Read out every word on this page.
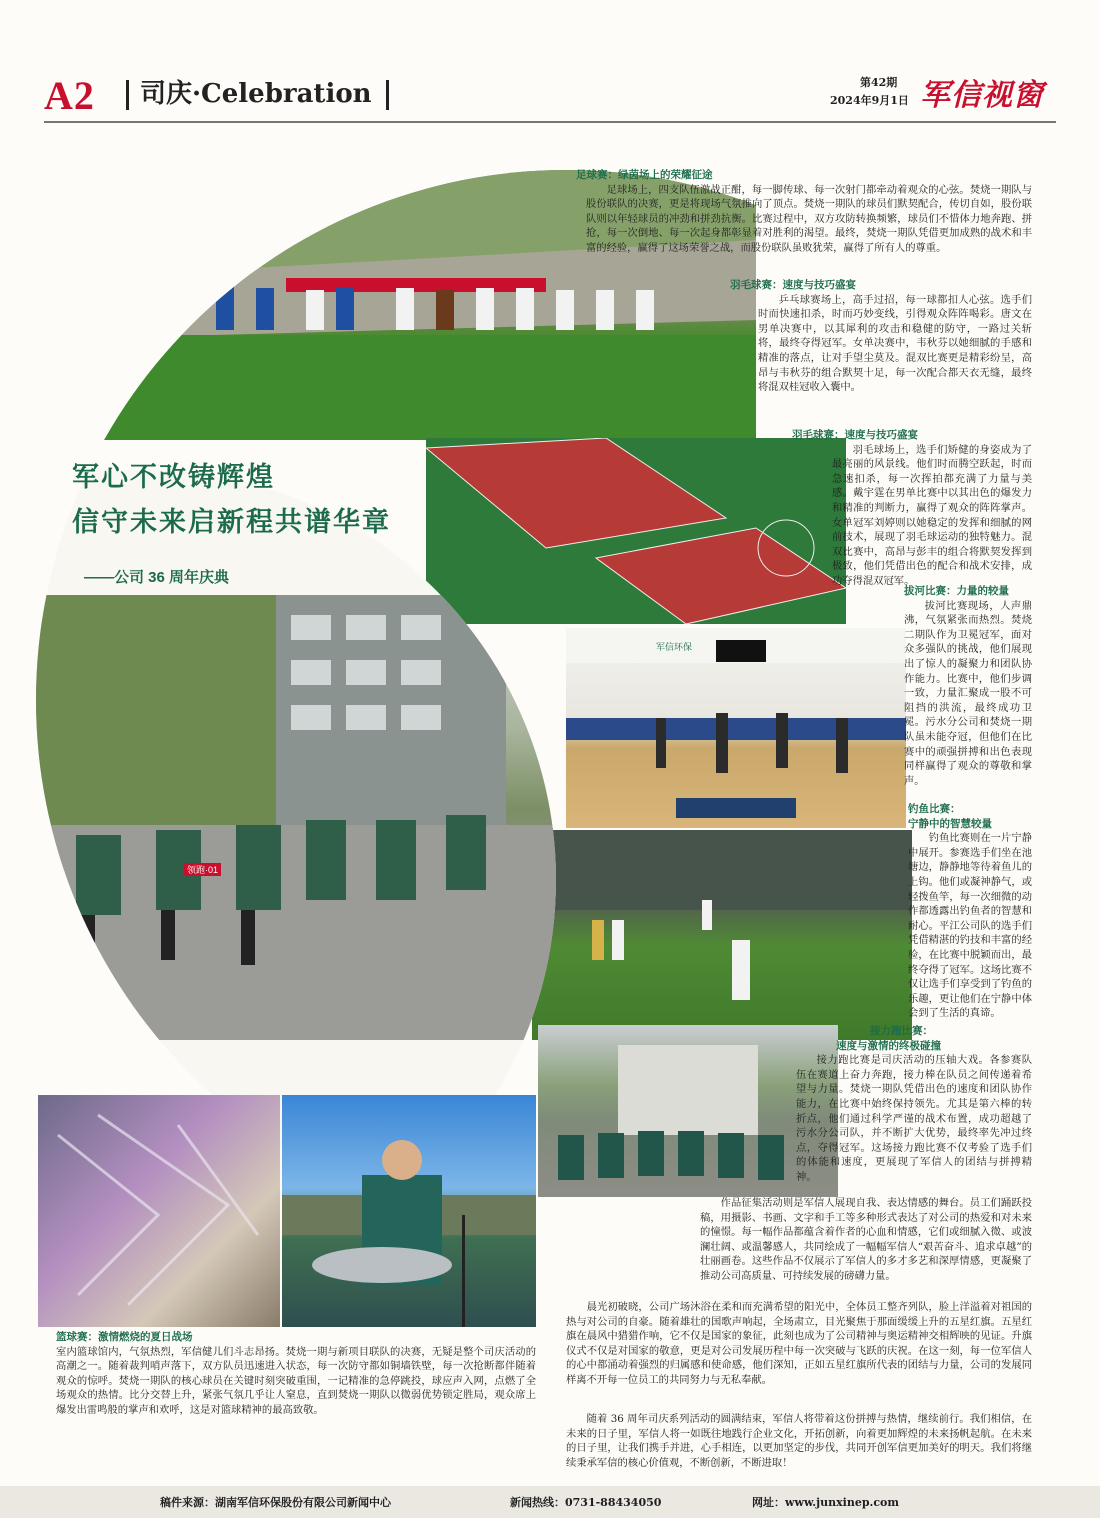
A2 司庆·Celebration	第42期
2024年9月1日 军信视窗
军信环保
领跑·01
军心不改铸辉煌
信守未来启新程共谱华章
——公司 36 周年庆典
足球赛：绿茵场上的荣耀征途
足球场上，四支队伍激战正酣，每一脚传球、每一次射门都牵动着观众的心弦。焚烧一期队与股份联队的决赛，更是将现场气氛推向了顶点。焚烧一期队的球员们默契配合，传切自如，股份联队则以年轻球员的冲劲和拼劲抗衡。比赛过程中，双方攻防转换频繁，球员们不惜体力地奔跑、拼抢，每一次倒地、每一次起身都彰显着对胜利的渴望。最终，焚烧一期队凭借更加成熟的战术和丰富的经验，赢得了这场荣誉之战，而股份联队虽败犹荣，赢得了所有人的尊重。
羽毛球赛：速度与技巧盛宴
乒乓球赛场上，高手过招，每一球都扣人心弦。选手们时而快速扣杀，时而巧妙变线，引得观众阵阵喝彩。唐文在男单决赛中，以其犀利的攻击和稳健的防守，一路过关斩将，最终夺得冠军。女单决赛中，韦秋芬以她细腻的手感和精准的落点，让对手望尘莫及。混双比赛更是精彩纷呈，高昂与韦秋芬的组合默契十足，每一次配合都天衣无缝，最终将混双桂冠收入囊中。
羽毛球赛：速度与技巧盛宴
羽毛球场上，选手们矫健的身姿成为了最亮丽的风景线。他们时而腾空跃起，时而急速扣杀，每一次挥拍都充满了力量与美感。戴宇霆在男单比赛中以其出色的爆发力和精准的判断力，赢得了观众的阵阵掌声。女单冠军刘婷则以她稳定的发挥和细腻的网前技术，展现了羽毛球运动的独特魅力。混双比赛中，高昂与彭丰的组合将默契发挥到极致，他们凭借出色的配合和战术安排，成功夺得混双冠军。
拔河比赛：力量的较量
拔河比赛现场，人声鼎沸，气氛紧张而热烈。焚烧二期队作为卫冕冠军，面对众多强队的挑战，他们展现出了惊人的凝聚力和团队协作能力。比赛中，他们步调一致，力量汇聚成一股不可阻挡的洪流，最终成功卫冕。污水分公司和焚烧一期队虽未能夺冠，但他们在比赛中的顽强拼搏和出色表现同样赢得了观众的尊敬和掌声。
钓鱼比赛：
宁静中的智慧较量
钓鱼比赛则在一片宁静中展开。参赛选手们坐在池塘边，静静地等待着鱼儿的上钩。他们或凝神静气，或轻拨鱼竿，每一次细微的动作都透露出钓鱼者的智慧和耐心。平江公司队的选手们凭借精湛的钓技和丰富的经验，在比赛中脱颖而出，最终夺得了冠军。这场比赛不仅让选手们享受到了钓鱼的乐趣，更让他们在宁静中体会到了生活的真谛。
接力跑比赛：
速度与激情的终极碰撞
接力跑比赛是司庆活动的压轴大戏。各参赛队伍在赛道上奋力奔跑，接力棒在队员之间传递着希望与力量。焚烧一期队凭借出色的速度和团队协作能力，在比赛中始终保持领先。尤其是第六棒的转折点，他们通过科学严谨的战术布置，成功超越了污水分公司队，并不断扩大优势，最终率先冲过终点，夺得冠军。这场接力跑比赛不仅考验了选手们的体能和速度，更展现了军信人的团结与拼搏精神。
作品征集活动则是军信人展现自我、表达情感的舞台。员工们踊跃投稿，用摄影、书画、文字和手工等多种形式表达了对公司的热爱和对未来的憧憬。每一幅作品都蕴含着作者的心血和情感，它们或细腻入微、或波澜壮阔、或温馨感人，共同绘成了一幅幅军信人“艰苦奋斗、追求卓越”的壮丽画卷。这些作品不仅展示了军信人的多才多艺和深厚情感，更凝聚了推动公司高质量、可持续发展的磅礴力量。
晨光初破晓，公司广场沐浴在柔和而充满希望的阳光中，全体员工整齐列队，脸上洋溢着对祖国的热与对公司的自豪。随着雄壮的国歌声响起，全场肃立，目光聚焦于那面缓缓上升的五星红旗。五星红旗在晨风中猎猎作响，它不仅是国家的象征，此刻也成为了公司精神与奥运精神交相辉映的见证。升旗仪式不仅是对国家的敬意，更是对公司发展历程中每一次突破与飞跃的庆祝。在这一刻，每一位军信人的心中都涌动着强烈的归属感和使命感，他们深知，正如五星红旗所代表的团结与力量，公司的发展同样离不开每一位员工的共同努力与无私奉献。
随着 36 周年司庆系列活动的圆满结束，军信人将带着这份拼搏与热情，继续前行。我们相信，在未来的日子里，军信人将一如既往地践行企业文化，开拓创新，向着更加辉煌的未来扬帆起航。在未来的日子里，让我们携手并进，心手相连，以更加坚定的步伐，共同开创军信更加美好的明天。我们将继续秉承军信的核心价值观，不断创新，不断进取！
篮球赛：激情燃烧的夏日战场
室内篮球馆内，气氛热烈，军信健儿们斗志昂扬。焚烧一期与新项目联队的决赛，无疑是整个司庆活动的高潮之一。随着裁判哨声落下，双方队员迅速进入状态，每一次防守都如铜墙铁壁，每一次抢断都伴随着观众的惊呼。焚烧一期队的核心球员在关键时刻突破重围，一记精准的急停跳投，球应声入网，点燃了全场观众的热情。比分交替上升，紧张气氛几乎让人窒息，直到焚烧一期队以微弱优势锁定胜局，观众席上爆发出雷鸣般的掌声和欢呼，这是对篮球精神的最高致敬。
稿件来源：湖南军信环保股份有限公司新闻中心	新闻热线：0731-88434050	网址：www.junxinep.com
